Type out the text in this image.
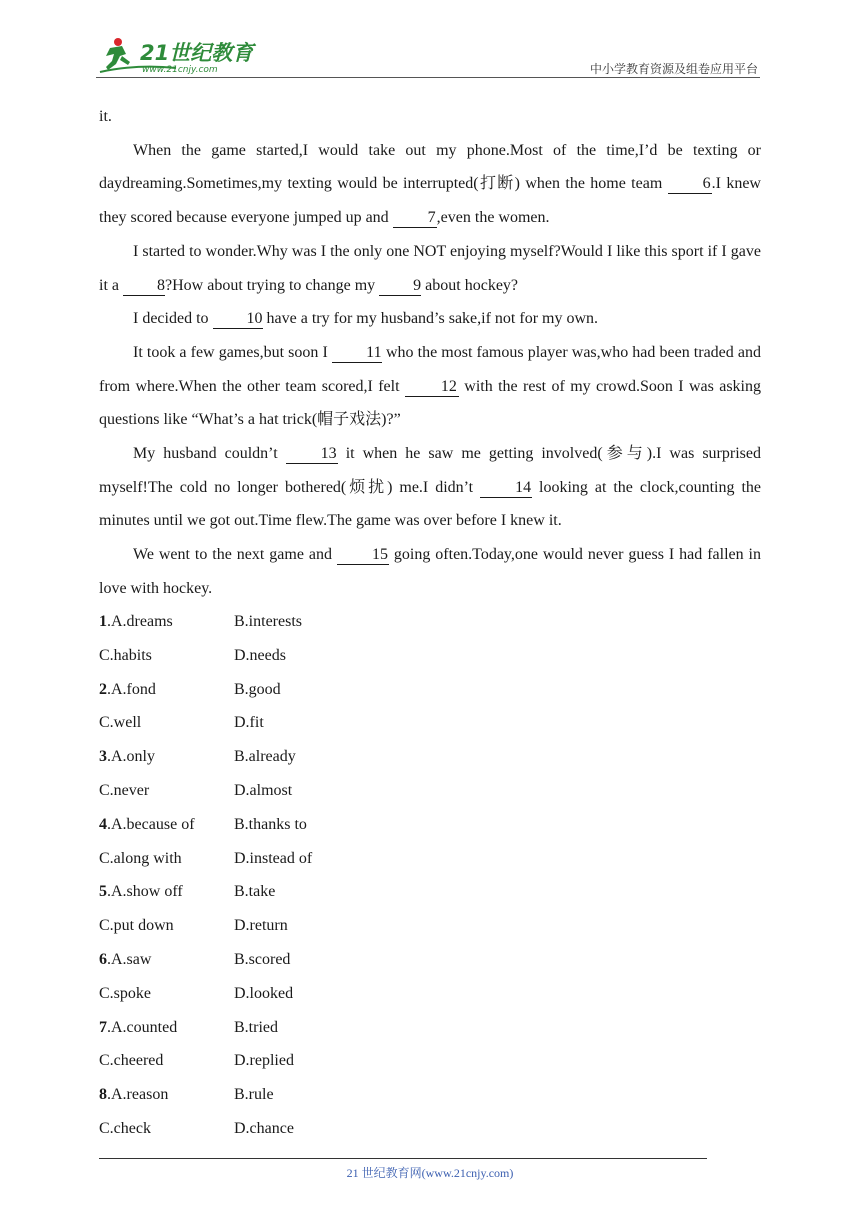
21世纪教育
www.21cnjy.com	中小学教育资源及组卷应用平台

it.

When the game started,I would take out my phone.Most of the time,I’d be texting or daydreaming.Sometimes,my texting would be interrupted(打断) when the home team 6.I knew they scored because everyone jumped up and 7,even the women.

I started to wonder.Why was I the only one NOT enjoying myself?Would I like this sport if I gave it a 8?How about trying to change my 9 about hockey?

I decided to 10 have a try for my husband’s sake,if not for my own.

It took a few games,but soon I 11 who the most famous player was,who had been traded and from where.When the other team scored,I felt 12 with the rest of my crowd.Soon I was asking questions like “What’s a hat trick(帽子戏法)?”

My husband couldn’t 13 it when he saw me getting involved(参与).I was surprised myself!The cold no longer bothered(烦扰) me.I didn’t 14 looking at the clock,counting the minutes until we got out.Time flew.The game was over before I knew it.

We went to the next game and 15 going often.Today,one would never guess I had fallen in love with hockey.

1.A.dreams	B.interests
C.habits	D.needs
2.A.fond	B.good
C.well	D.fit
3.A.only	B.already
C.never	D.almost
4.A.because of B.thanks to
C.along with	D.instead of
5.A.show off	B.take
C.put down	D.return
6.A.saw	B.scored
C.spoke	D.looked
7.A.counted	B.tried
C.cheered	D.replied
8.A.reason	B.rule
C.check	D.chance
21 世纪教育网(www.21cnjy.com)
